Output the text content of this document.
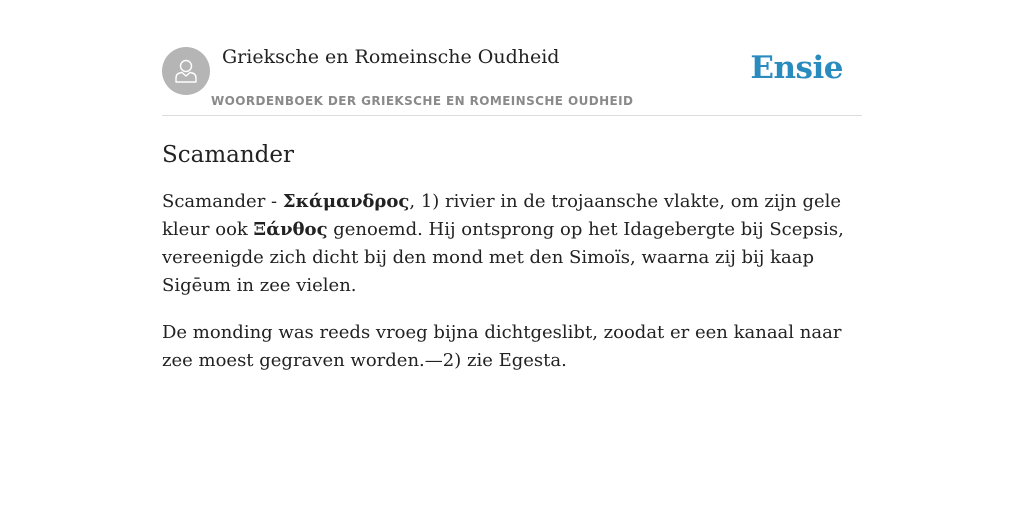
Grieksche en Romeinsche Oudheid
WOORDENBOEK DER GRIEKSCHE EN ROMEINSCHE OUDHEID
Ensie
Scamander

Scamander - Σκάμανδρος, 1) rivier in de trojaansche vlakte, om zijn gele kleur ook Ξάνθος genoemd. Hij ontsprong op het Idagebergte bij Scepsis, vereenigde zich dicht bij den mond met den Simoïs, waarna zij bij kaap Sigēum in zee vielen.

De monding was reeds vroeg bijna dichtgeslibt, zoodat er een kanaal naar zee moest gegraven worden.—2) zie Egesta.
